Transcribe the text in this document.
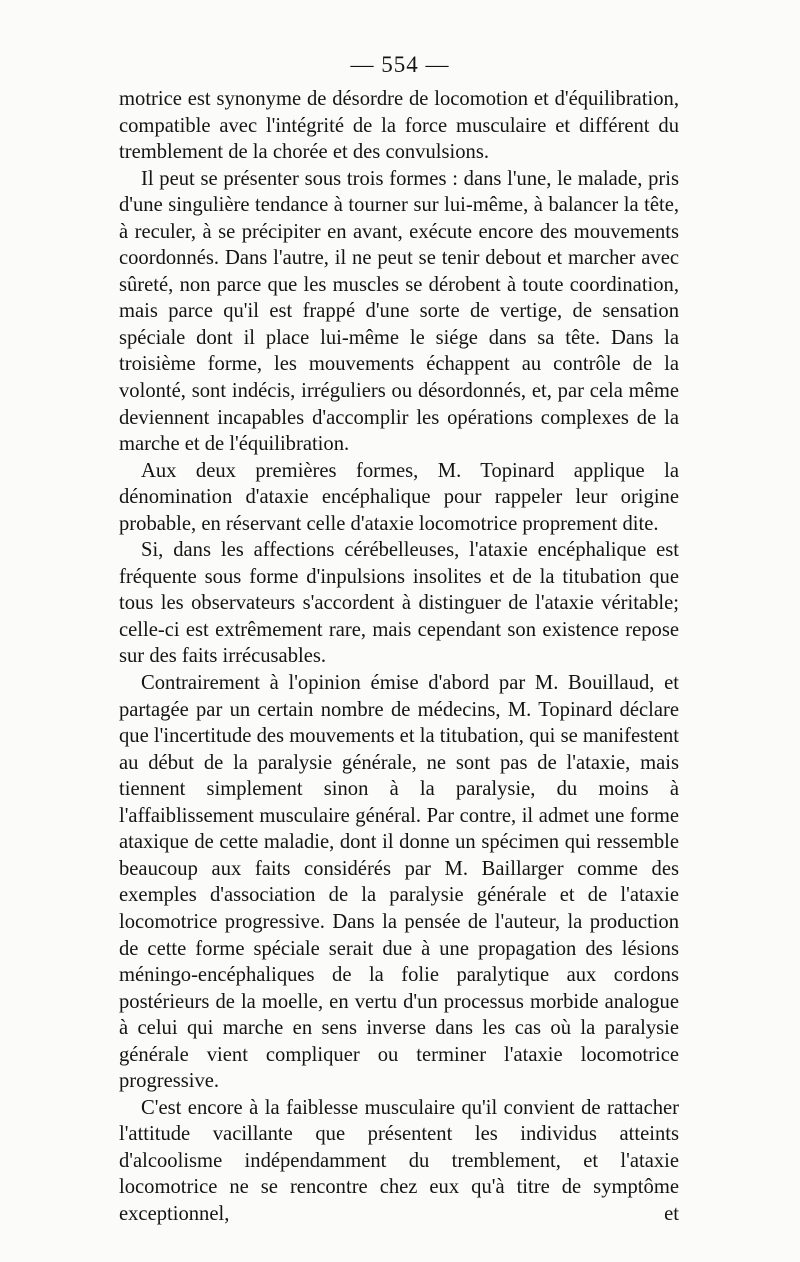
— 554 —

motrice est synonyme de désordre de locomotion et d'équilibration, compatible avec l'intégrité de la force musculaire et différent du tremblement de la chorée et des convulsions.

Il peut se présenter sous trois formes : dans l'une, le malade, pris d'une singulière tendance à tourner sur lui-même, à balancer la tête, à reculer, à se précipiter en avant, exécute encore des mouvements coordonnés. Dans l'autre, il ne peut se tenir debout et marcher avec sûreté, non parce que les muscles se dérobent à toute coordination, mais parce qu'il est frappé d'une sorte de vertige, de sensation spéciale dont il place lui-même le siége dans sa tête. Dans la troisième forme, les mouvements échappent au contrôle de la volonté, sont indécis, irréguliers ou désordonnés, et, par cela même deviennent incapables d'accomplir les opérations complexes de la marche et de l'équilibration.

Aux deux premières formes, M. Topinard applique la dénomination d'ataxie encéphalique pour rappeler leur origine probable, en réservant celle d'ataxie locomotrice proprement dite.

Si, dans les affections cérébelleuses, l'ataxie encéphalique est fréquente sous forme d'inpulsions insolites et de la titubation que tous les observateurs s'accordent à distinguer de l'ataxie véritable; celle-ci est extrêmement rare, mais cependant son existence repose sur des faits irrécusables.

Contrairement à l'opinion émise d'abord par M. Bouillaud, et partagée par un certain nombre de médecins, M. Topinard déclare que l'incertitude des mouvements et la titubation, qui se manifestent au début de la paralysie générale, ne sont pas de l'ataxie, mais tiennent simplement sinon à la paralysie, du moins à l'affaiblissement musculaire général. Par contre, il admet une forme ataxique de cette maladie, dont il donne un spécimen qui ressemble beaucoup aux faits considérés par M. Baillarger comme des exemples d'association de la paralysie générale et de l'ataxie locomotrice progressive. Dans la pensée de l'auteur, la production de cette forme spéciale serait due à une propagation des lésions méningo-encéphaliques de la folie paralytique aux cordons postérieurs de la moelle, en vertu d'un processus morbide analogue à celui qui marche en sens inverse dans les cas où la paralysie générale vient compliquer ou terminer l'ataxie locomotrice progressive.

C'est encore à la faiblesse musculaire qu'il convient de rattacher l'attitude vacillante que présentent les individus atteints d'alcoolisme indépendamment du tremblement, et l'ataxie locomotrice ne se rencontre chez eux qu'à titre de symptôme exceptionnel, et
